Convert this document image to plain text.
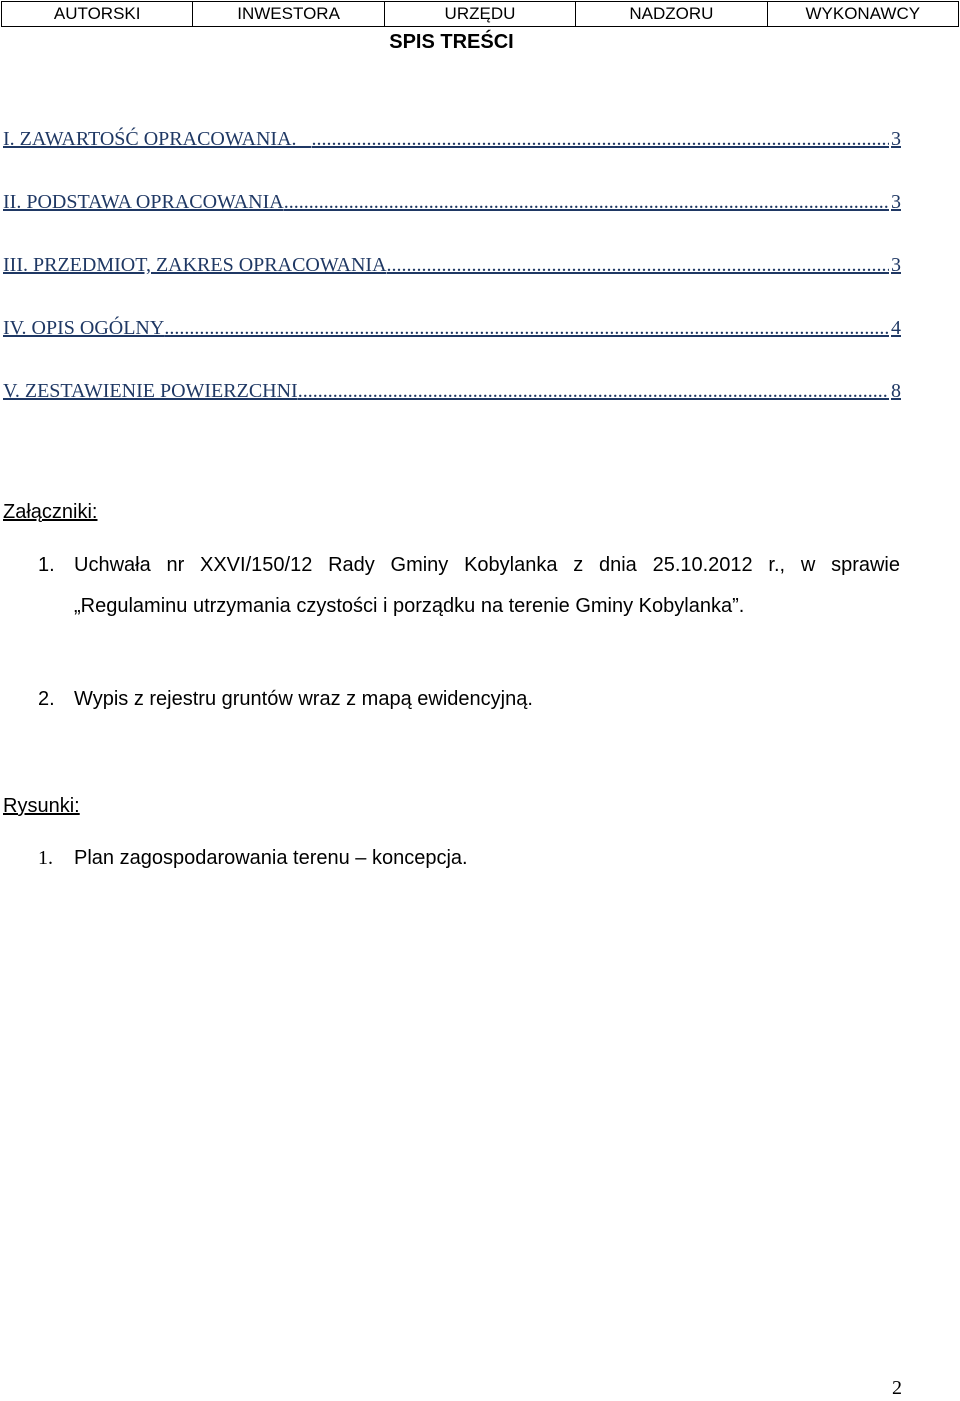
AUTORSKI	INWESTORA	URZĘDU	NADZORU	WYKONAWCY
SPIS TREŚCI
I. ZAWARTOŚĆ OPRACOWANIA. .....	3
II. PODSTAWA OPRACOWANIA .....	3
III. PRZEDMIOT, ZAKRES OPRACOWANIA .....	3
IV. OPIS OGÓLNY .....	4
V. ZESTAWIENIE POWIERZCHNI .....	8
Załączniki:
1. Uchwała nr XXVI/150/12 Rady Gminy Kobylanka z dnia 25.10.2012 r., w sprawie „Regulaminu utrzymania czystości i porządku na terenie Gminy Kobylanka”.
2. Wypis z rejestru gruntów wraz z mapą ewidencyjną.
Rysunki:
1. Plan zagospodarowania terenu – koncepcja.
2
